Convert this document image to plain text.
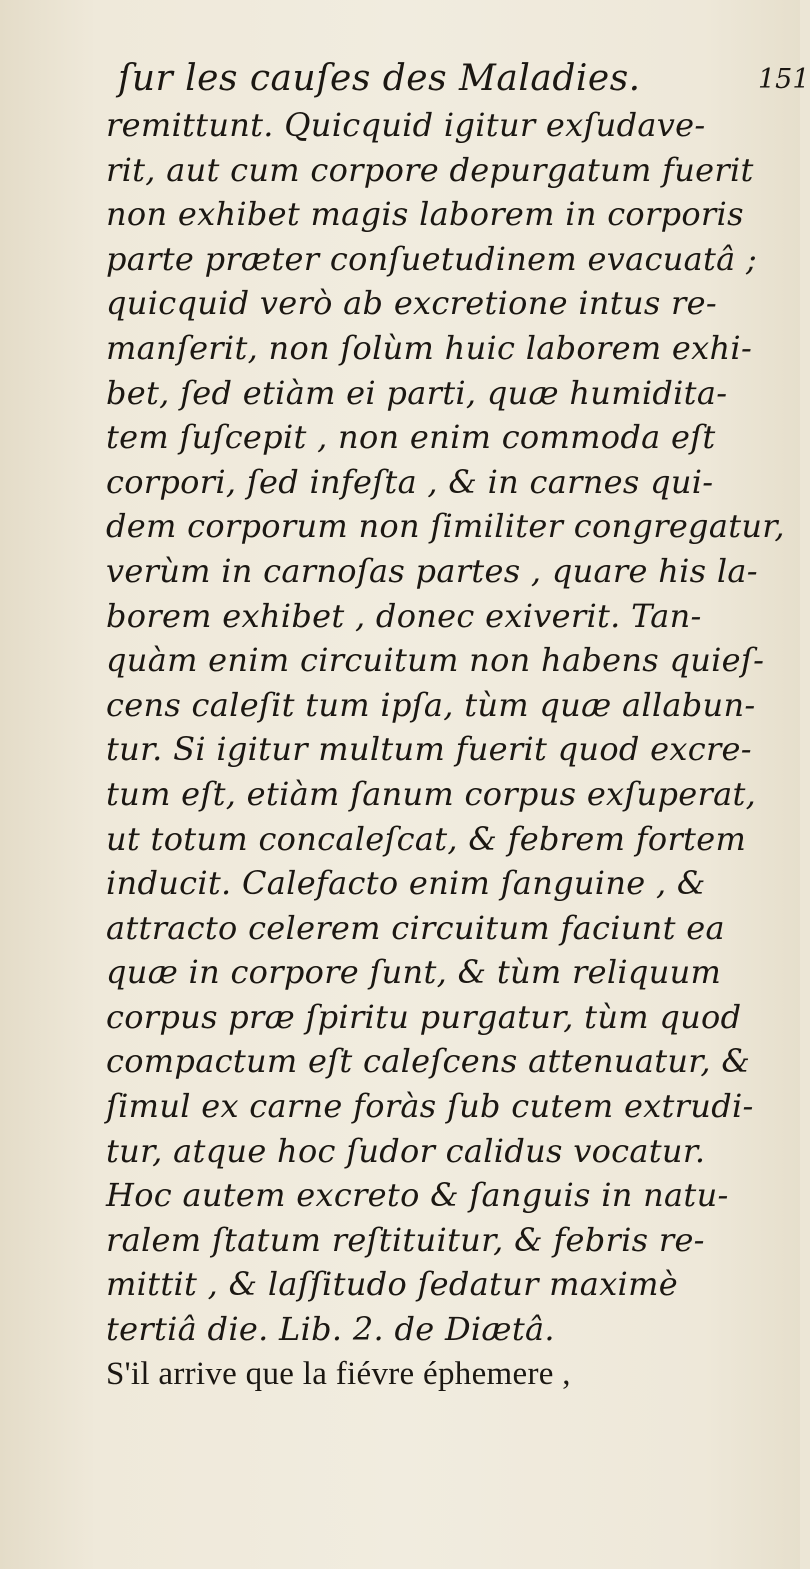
ſur les cauſes des Maladies.	151
remittunt. Quicquid igitur exſudave-
rit, aut cum corpore depurgatum fuerit
non exhibet magis laborem in corporis
parte præter conſuetudinem evacuatâ ;
quicquid verò ab excretione intus re-
manſerit, non ſolùm huic laborem exhi-
bet, ſed etiàm ei parti, quæ humidita-
tem ſuſcepit , non enim commoda eſt
corpori, ſed infeſta , & in carnes qui-
dem corporum non ſimiliter congregatur,
verùm in carnoſas partes , quare his la-
borem exhibet , donec exiverit. Tan-
quàm enim circuitum non habens quieſ-
cens caleſit tum ipſa, tùm quæ allabun-
tur. Si igitur multum fuerit quod excre-
tum eſt, etiàm ſanum corpus exſuperat,
ut totum concaleſcat, & febrem fortem
inducit. Calefacto enim ſanguine , &
attracto celerem circuitum faciunt ea
quæ in corpore ſunt, & tùm reliquum
corpus præ ſpiritu purgatur, tùm quod
compactum eſt caleſcens attenuatur, &
ſimul ex carne foràs ſub cutem extrudi-
tur, atque hoc ſudor calidus vocatur.
Hoc autem excreto & ſanguis in natu-
ralem ſtatum reſtituitur, & febris re-
mittit , & laſſitudo ſedatur maximè
tertiâ die. Lib. 2. de Diætâ.
S'il arrive que la fiévre éphemere ,
